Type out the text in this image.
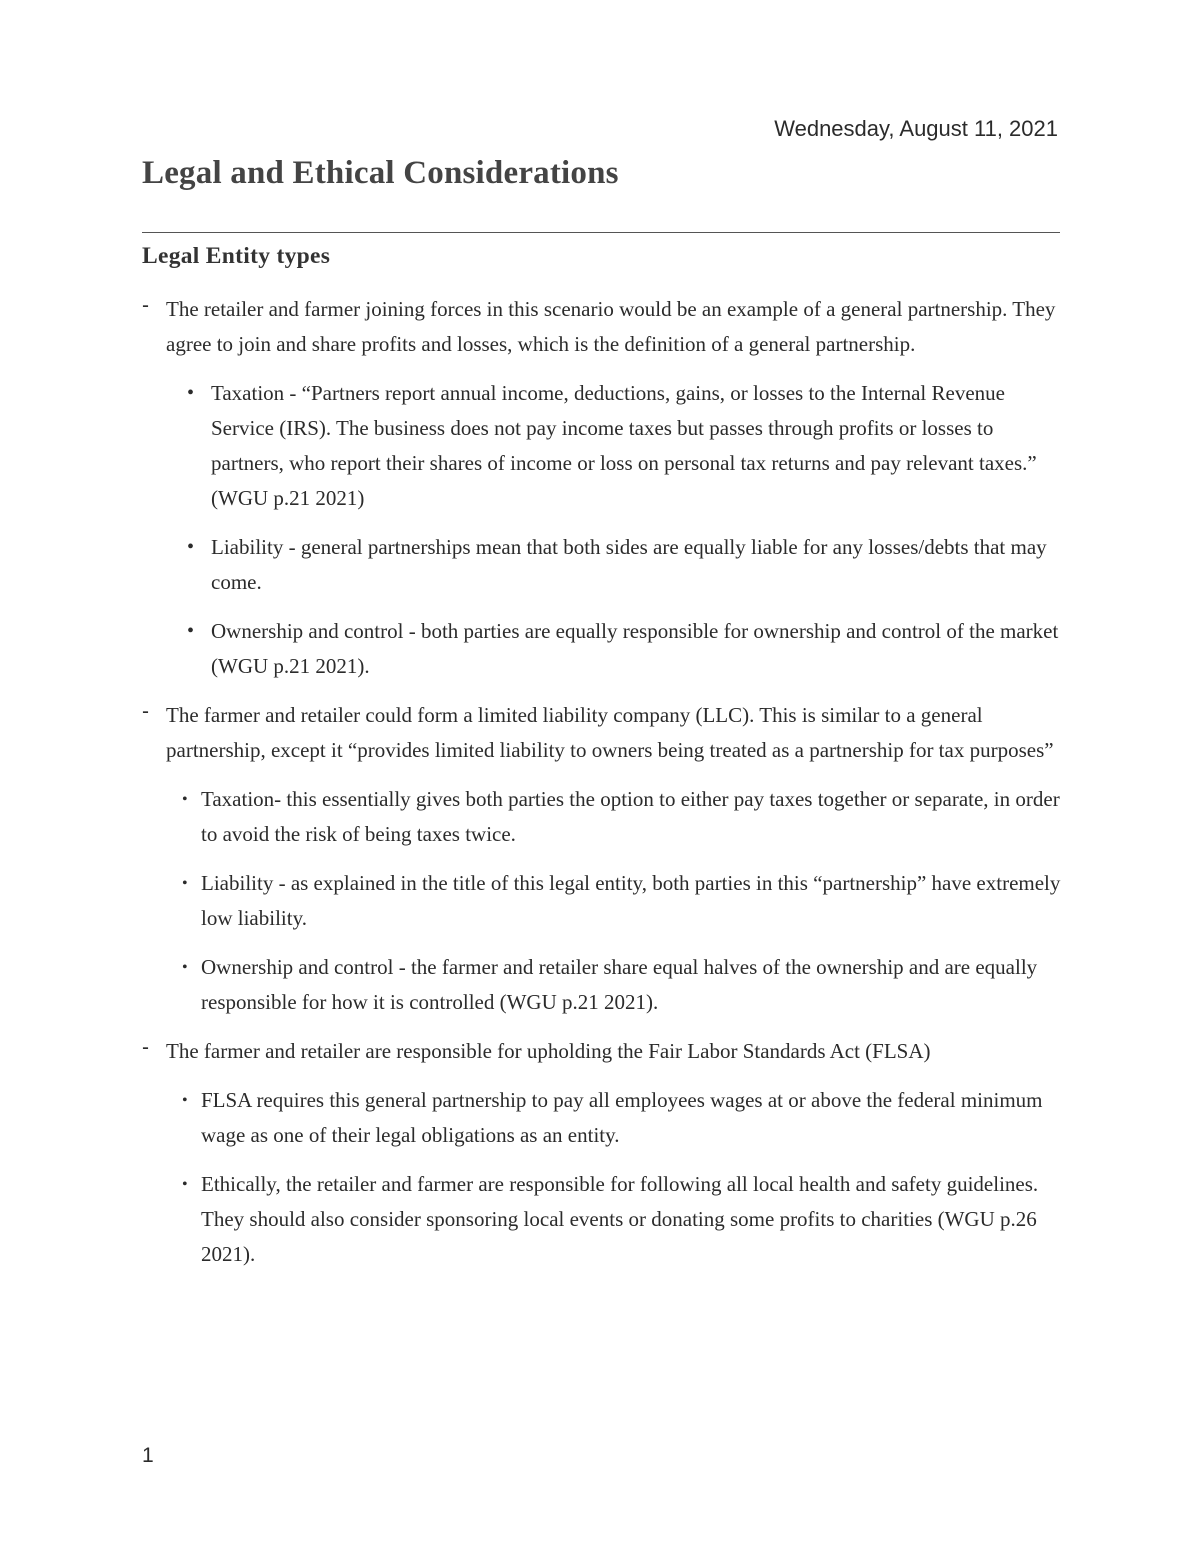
Wednesday, August 11, 2021
Legal and Ethical Considerations
Legal Entity types
- The retailer and farmer joining forces in this scenario would be an example of a general partnership. They agree to join and share profits and losses, which is the definition of a general partnership.
• Taxation - “Partners report annual income, deductions, gains, or losses to the Internal Revenue Service (IRS). The business does not pay income taxes but passes through profits or losses to partners, who report their shares of income or loss on personal tax returns and pay relevant taxes.” (WGU p.21 2021)
• Liability - general partnerships mean that both sides are equally liable for any losses/debts that may come.
• Ownership and control - both parties are equally responsible for ownership and control of the market (WGU p.21 2021).
- The farmer and retailer could form a limited liability company (LLC). This is similar to a general partnership, except it “provides limited liability to owners being treated as a partnership for tax purposes”
• Taxation- this essentially gives both parties the option to either pay taxes together or separate, in order to avoid the risk of being taxes twice.
• Liability - as explained in the title of this legal entity, both parties in this “partnership” have extremely low liability.
• Ownership and control - the farmer and retailer share equal halves of the ownership and are equally responsible for how it is controlled (WGU p.21 2021).
- The farmer and retailer are responsible for upholding the Fair Labor Standards Act (FLSA)
• FLSA requires this general partnership to pay all employees wages at or above the federal minimum wage as one of their legal obligations as an entity.
• Ethically, the retailer and farmer are responsible for following all local health and safety guidelines. They should also consider sponsoring local events or donating some profits to charities (WGU p.26 2021).
1
